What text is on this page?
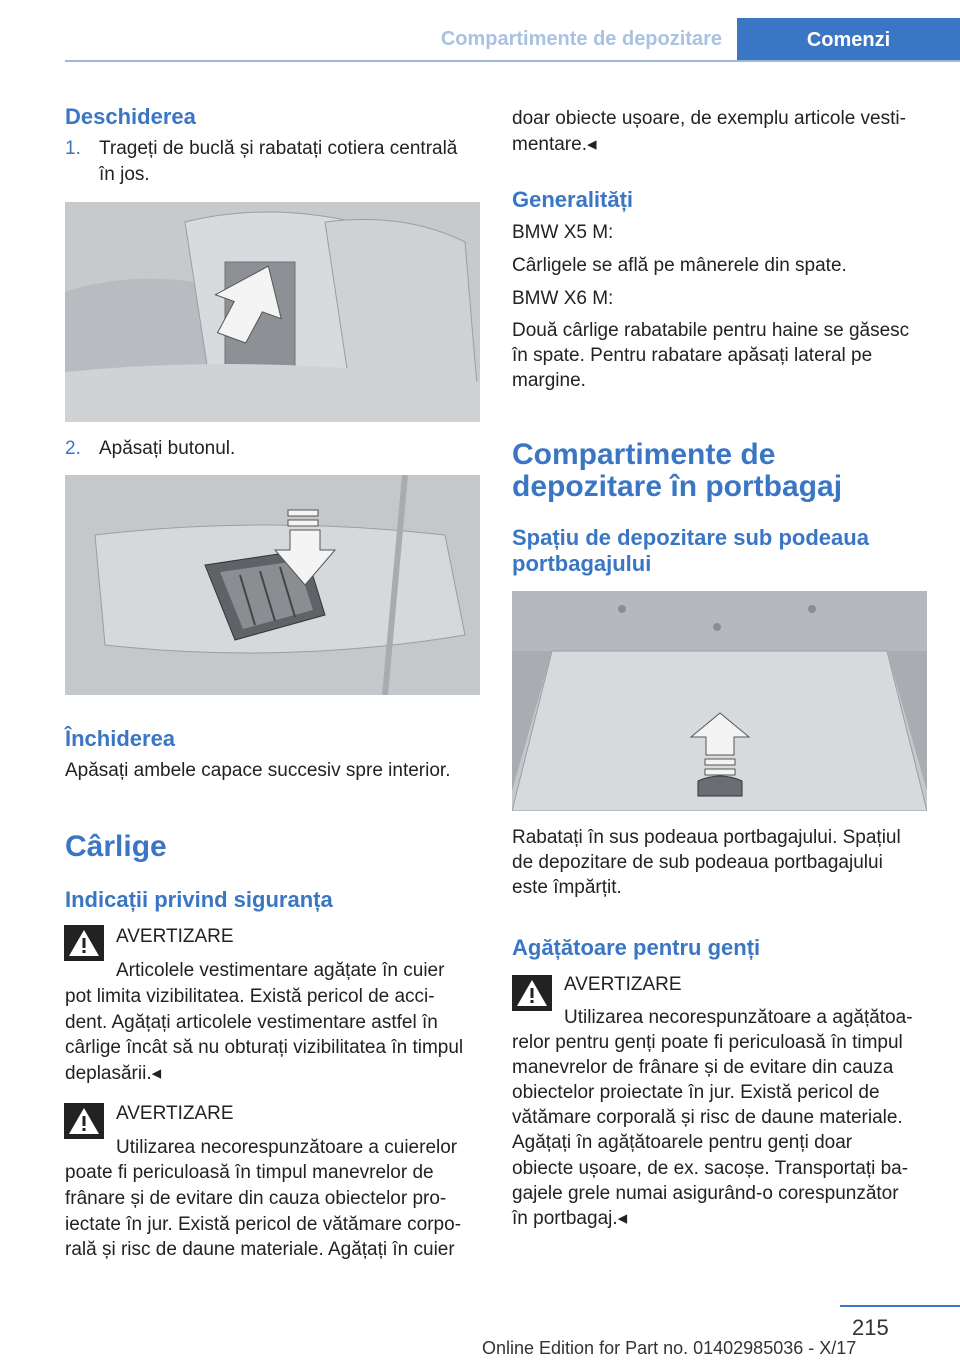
Compartimente de depozitare	Comenzi
Deschiderea
1. Trageți de buclă și rabatați cotiera centrală
în jos.
2. Apăsați butonul.
Închiderea
Apăsați ambele capace succesiv spre interior.
Cârlige
Indicații privind siguranța
AVERTIZARE
Articolele vestimentare agățate în cuier
pot limita vizibilitatea. Există pericol de acci-
dent. Agățați articolele vestimentare astfel în
cârlige încât să nu obturați vizibilitatea în timpul
deplasării.◂
AVERTIZARE
Utilizarea necorespunzătoare a cuierelor
poate fi periculoasă în timpul manevrelor de
frânare și de evitare din cauza obiectelor pro-
iectate în jur. Există pericol de vătămare corpo-
rală și risc de daune materiale. Agățați în cuier
doar obiecte ușoare, de exemplu articole vesti-
mentare.◂
Generalități
BMW X5 M:
Cârligele se află pe mânerele din spate.
BMW X6 M:
Două cârlige rabatabile pentru haine se găsesc
în spate. Pentru rabatare apăsați lateral pe
margine.
Compartimente de
depozitare în portbagaj
Spațiu de depozitare sub podeaua
portbagajului
Rabatați în sus podeaua portbagajului. Spațiul
de depozitare de sub podeaua portbagajului
este împărțit.
Agățătoare pentru genți
AVERTIZARE
Utilizarea necorespunzătoare a agățătoa-
relor pentru genți poate fi periculoasă în timpul
manevrelor de frânare și de evitare din cauza
obiectelor proiectate în jur. Există pericol de
vătămare corporală și risc de daune materiale.
Agățați în agățătoarele pentru genți doar
obiecte ușoare, de ex. sacoșe. Transportați ba-
gajele grele numai asigurând-o corespunzător
în portbagaj.◂
215
Online Edition for Part no. 01402985036 - X/17
